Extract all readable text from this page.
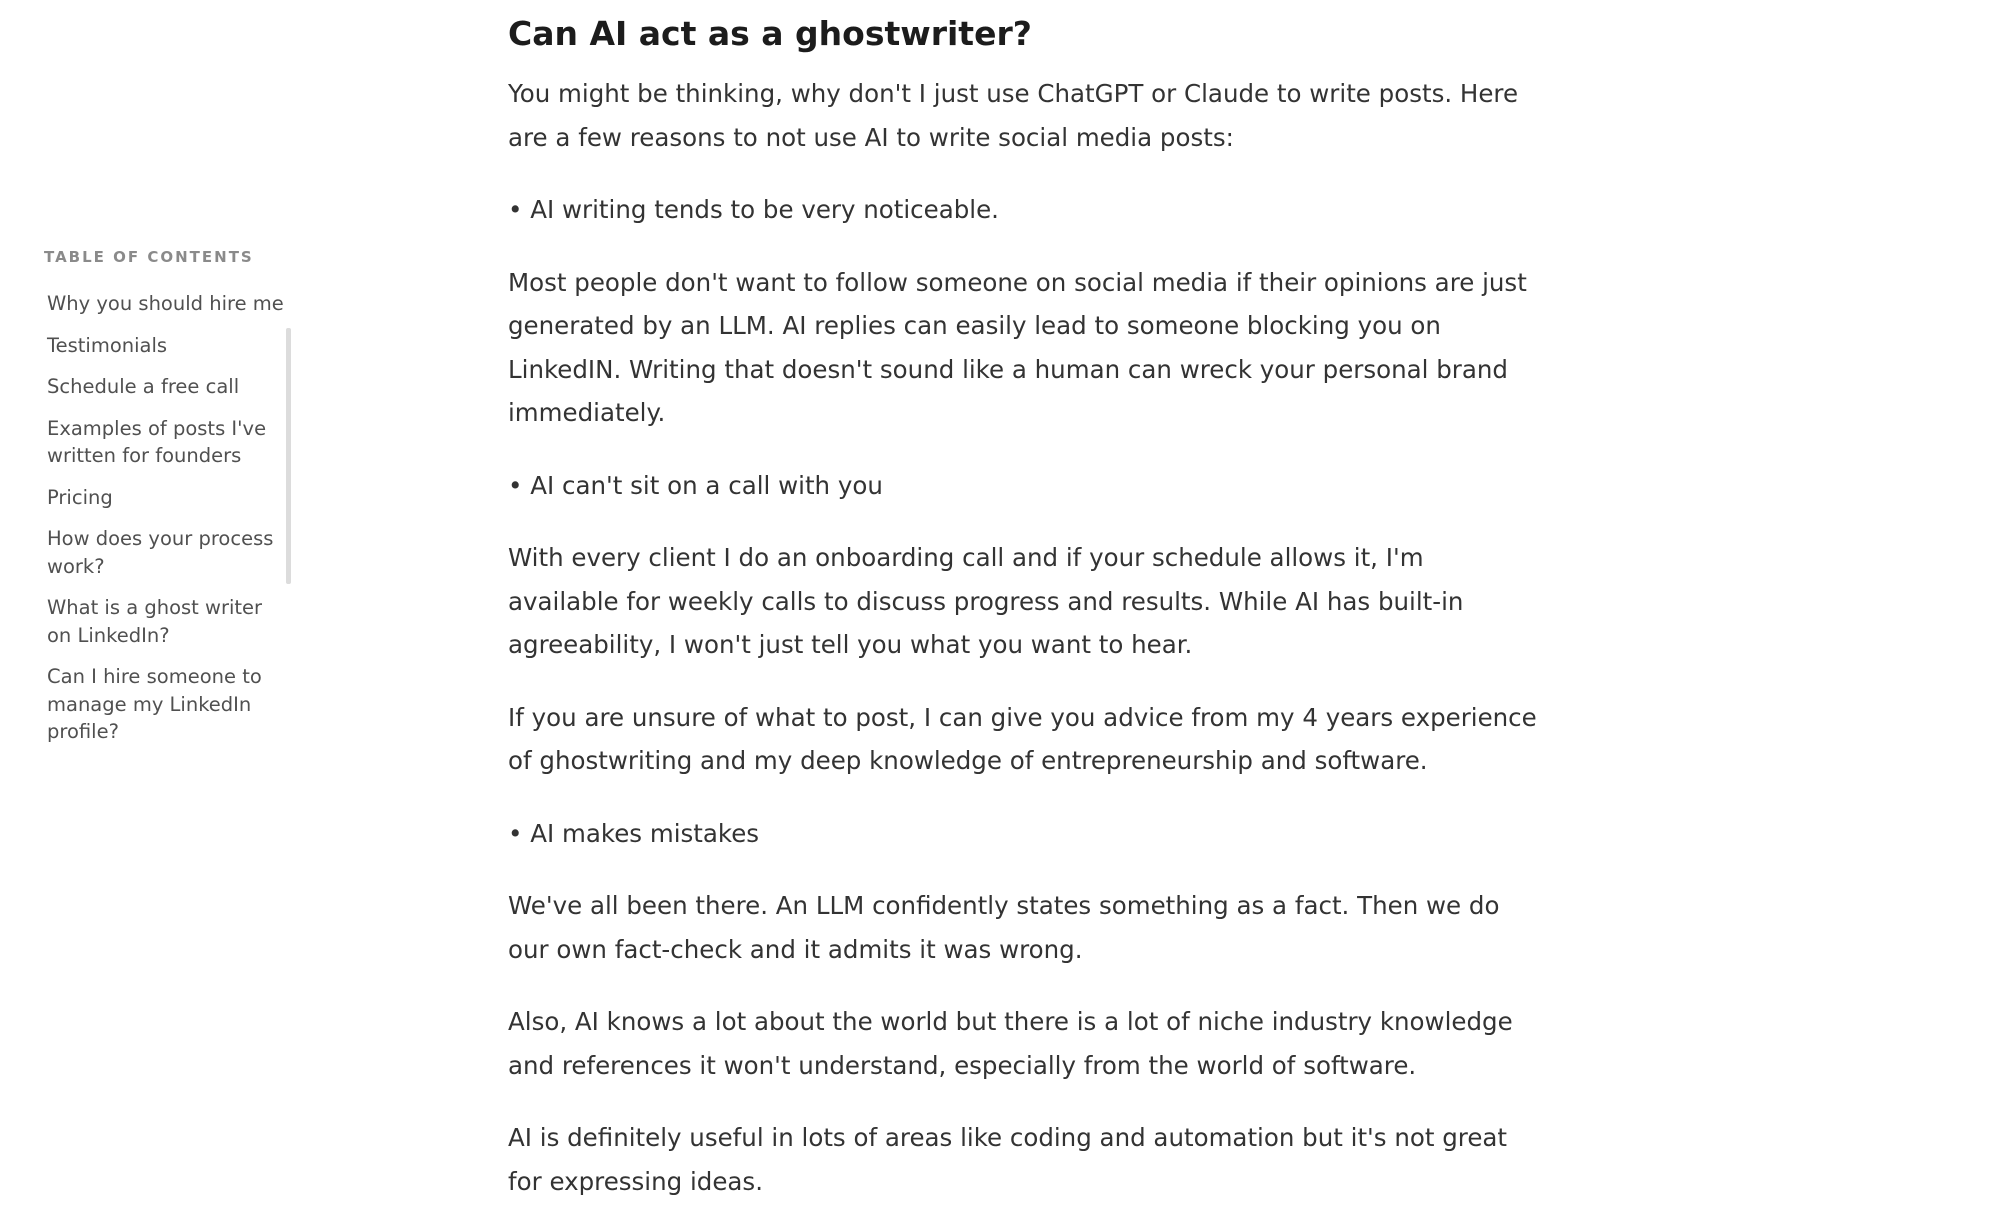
TABLE OF CONTENTS
Why you should hire me
Testimonials
Schedule a free call
Examples of posts I've written for founders
Pricing
How does your process work?
What is a ghost writer on LinkedIn?
Can I hire someone to manage my LinkedIn profile?
Can AI act as a ghostwriter?

You might be thinking, why don't I just use ChatGPT or Claude to write posts. Here are a few reasons to not use AI to write social media posts:

• AI writing tends to be very noticeable.

Most people don't want to follow someone on social media if their opinions are just generated by an LLM. AI replies can easily lead to someone blocking you on LinkedIN. Writing that doesn't sound like a human can wreck your personal brand immediately.

• AI can't sit on a call with you

With every client I do an onboarding call and if your schedule allows it, I'm available for weekly calls to discuss progress and results. While AI has built-in agreeability, I won't just tell you what you want to hear.

If you are unsure of what to post, I can give you advice from my 4 years experience of ghostwriting and my deep knowledge of entrepreneurship and software.

• AI makes mistakes

We've all been there. An LLM confidently states something as a fact. Then we do our own fact-check and it admits it was wrong.

Also, AI knows a lot about the world but there is a lot of niche industry knowledge and references it won't understand, especially from the world of software.

AI is definitely useful in lots of areas like coding and automation but it's not great for expressing ideas.
